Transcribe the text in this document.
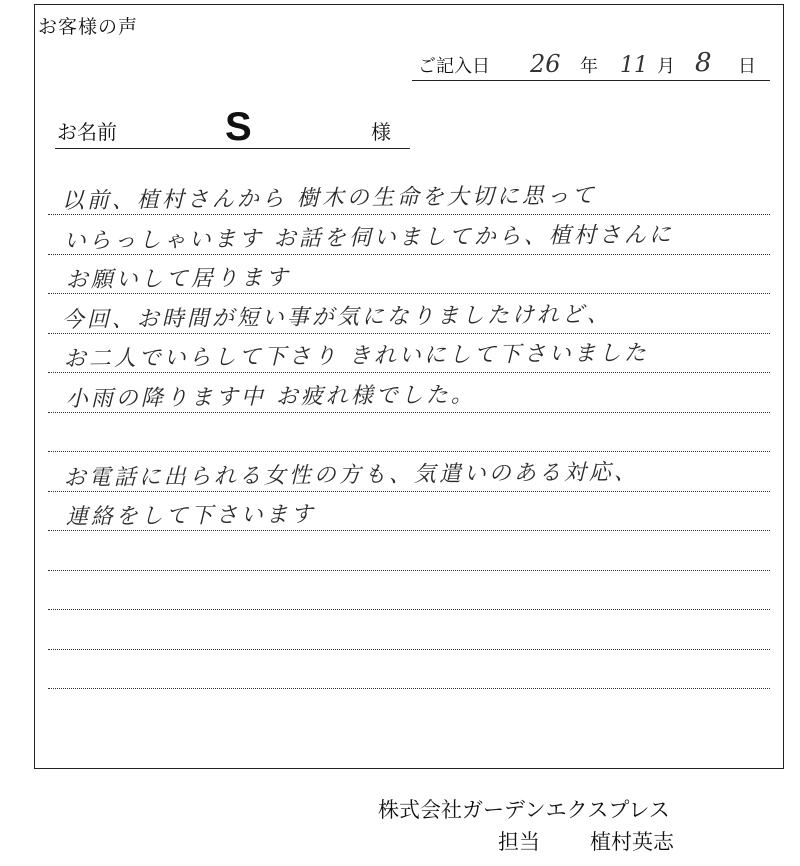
お客様の声
ご記入日 26 年 11 月 8 日
お名前	S	様
以前、植村さんから 樹木の生命を大切に思って
いらっしゃいます お話を伺いましてから、植村さんに
お願いして居ります
今回、お時間が短い事が気になりましたけれど、
お二人でいらして下さり きれいにして下さいました
小雨の降ります中 お疲れ様でした。
お電話に出られる女性の方も、気遣いのある対応、
連絡をして下さいます
株式会社ガーデンエクスプレス
担当 植村英志
